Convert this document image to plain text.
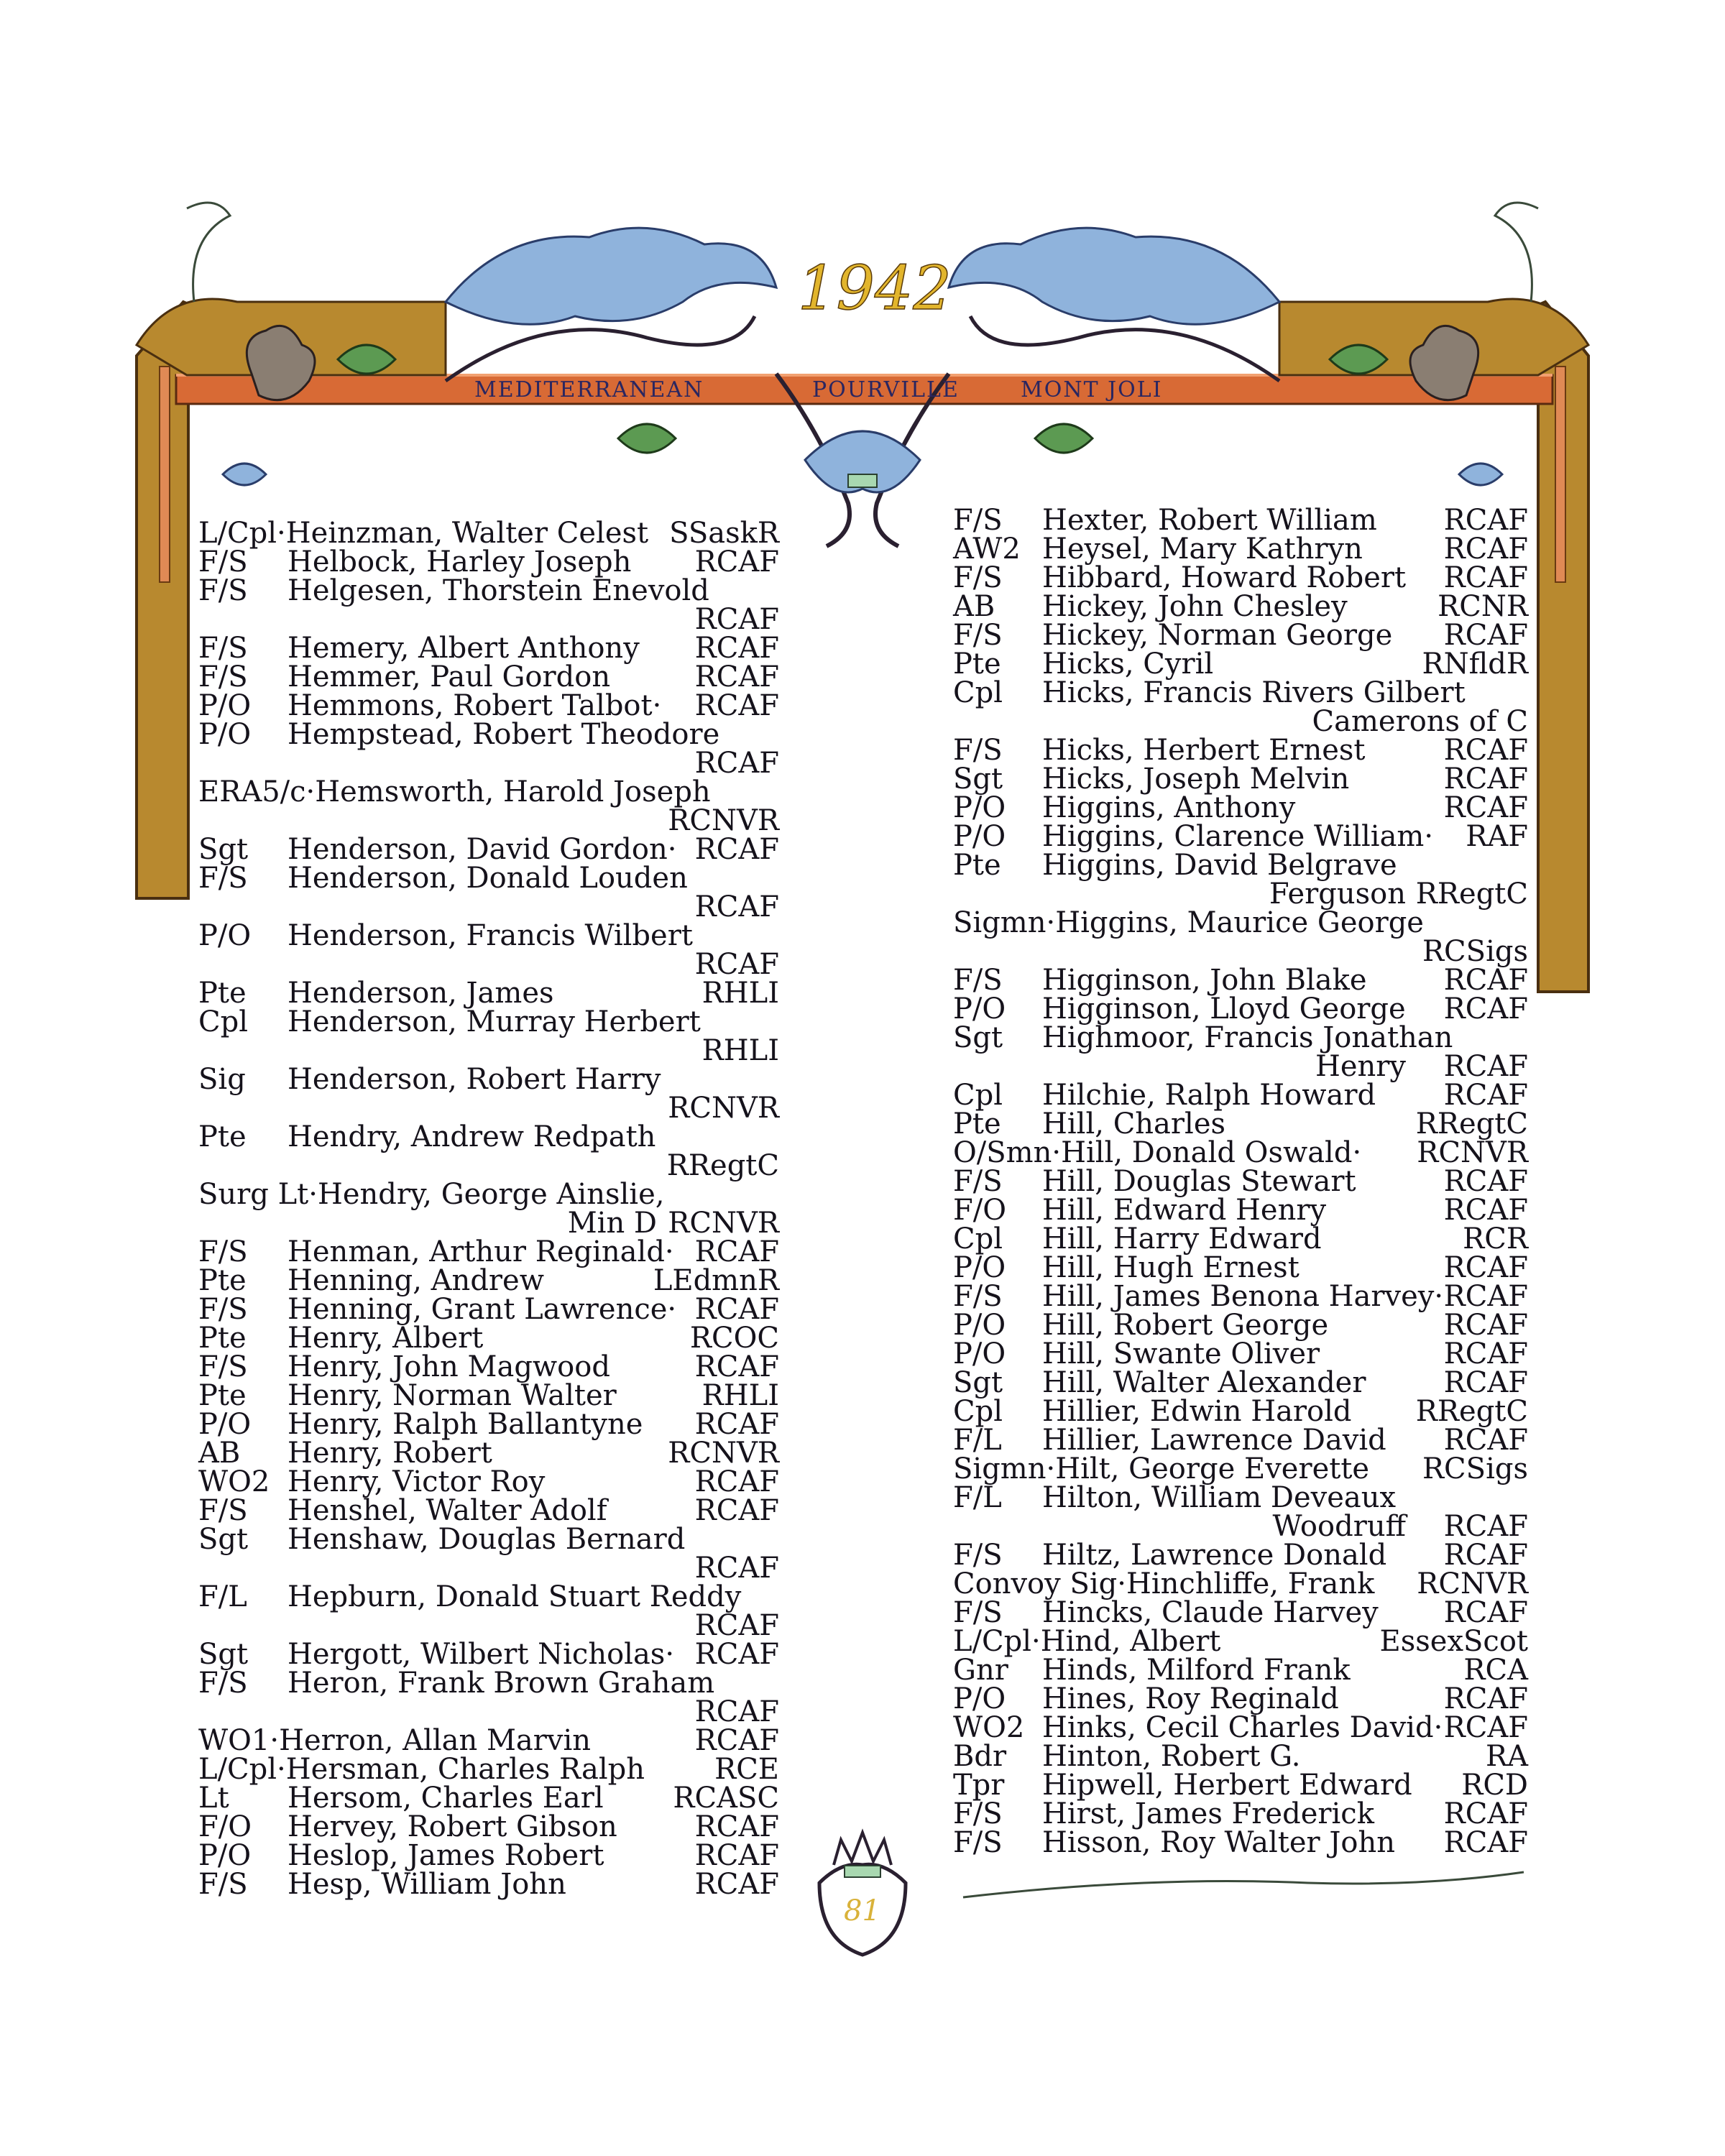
MEDITERRANEAN	POURVILLE	MONT JOLI
1942
81
L/Cpl·Heinzman, Walter Celest SSaskR
F/S Helbock, Harley Joseph RCAF
F/S Helgesen, Thorstein Enevold
RCAF
F/S Hemery, Albert Anthony RCAF
F/S Hemmer, Paul Gordon	RCAF
P/O Hemmons, Robert Talbot· RCAF
P/O Hempstead, Robert Theodore
RCAF
ERA5/c·Hemsworth, Harold Joseph
RCNVR
Sgt Henderson, David Gordon· RCAF
F/S Henderson, Donald Louden
RCAF
P/O Henderson, Francis Wilbert
RCAF
Pte Henderson, James	RHLI
Cpl Henderson, Murray Herbert
RHLI
Sig Henderson, Robert Harry
RCNVR
Pte Hendry, Andrew Redpath
RRegtC
Surg Lt·Hendry, George Ainslie,
Min D RCNVR
F/S Henman, Arthur Reginald· RCAF
Pte Henning, Andrew	LEdmnR
F/S Henning, Grant Lawrence· RCAF
Pte Henry, Albert	RCOC
F/S Henry, John Magwood	RCAF
Pte Henry, Norman Walter	RHLI
P/O Henry, Ralph Ballantyne RCAF
AB Henry, Robert	RCNVR
WO2 Henry, Victor Roy	RCAF
F/S Henshel, Walter Adolf	RCAF
Sgt Henshaw, Douglas Bernard
RCAF
F/L Hepburn, Donald Stuart Reddy
RCAF
Sgt Hergott, Wilbert Nicholas· RCAF
F/S Heron, Frank Brown Graham
RCAF
WO1·Herron, Allan Marvin	RCAF
L/Cpl·Hersman, Charles Ralph RCE
Lt Hersom, Charles Earl RCASC
F/O Hervey, Robert Gibson	RCAF
P/O Heslop, James Robert	RCAF
F/S Hesp, William John	RCAF
F/S Hexter, Robert William RCAF
AW2 Heysel, Mary Kathryn	RCAF
F/S Hibbard, Howard Robert RCAF
AB Hickey, John Chesley	RCNR
F/S Hickey, Norman George RCAF
Pte Hicks, Cyril	RNfldR
Cpl Hicks, Francis Rivers Gilbert
Camerons of C
F/S Hicks, Herbert Ernest	RCAF
Sgt Hicks, Joseph Melvin	RCAF
P/O Higgins, Anthony	RCAF
P/O Higgins, Clarence William· RAF
Pte Higgins, David Belgrave
Ferguson RRegtC
Sigmn·Higgins, Maurice George
RCSigs
F/S Higginson, John Blake	RCAF
P/O Higginson, Lloyd George RCAF
Sgt Highmoor, Francis Jonathan
Henry RCAF
Cpl Hilchie, Ralph Howard RCAF
Pte Hill, Charles	RRegtC
O/Smn·Hill, Donald Oswald· RCNVR
F/S Hill, Douglas Stewart	RCAF
F/O Hill, Edward Henry	RCAF
Cpl Hill, Harry Edward	RCR
P/O Hill, Hugh Ernest	RCAF
F/S Hill, James Benona Harvey· RCAF
P/O Hill, Robert George	RCAF
P/O Hill, Swante Oliver	RCAF
Sgt Hill, Walter Alexander	RCAF
Cpl Hillier, Edwin Harold RRegtC
F/L Hillier, Lawrence David RCAF
Sigmn·Hilt, George Everette RCSigs
F/L Hilton, William Deveaux
Woodruff RCAF
F/S Hiltz, Lawrence Donald RCAF
Convoy Sig·Hinchliffe, Frank RCNVR
F/S Hincks, Claude Harvey RCAF
L/Cpl·Hind, Albert	EssexScot
Gnr Hinds, Milford Frank	RCA
P/O Hines, Roy Reginald	RCAF
WO2 Hinks, Cecil Charles David· RCAF
Bdr Hinton, Robert G.	RA
Tpr Hipwell, Herbert Edward RCD
F/S Hirst, James Frederick RCAF
F/S Hisson, Roy Walter John RCAF
